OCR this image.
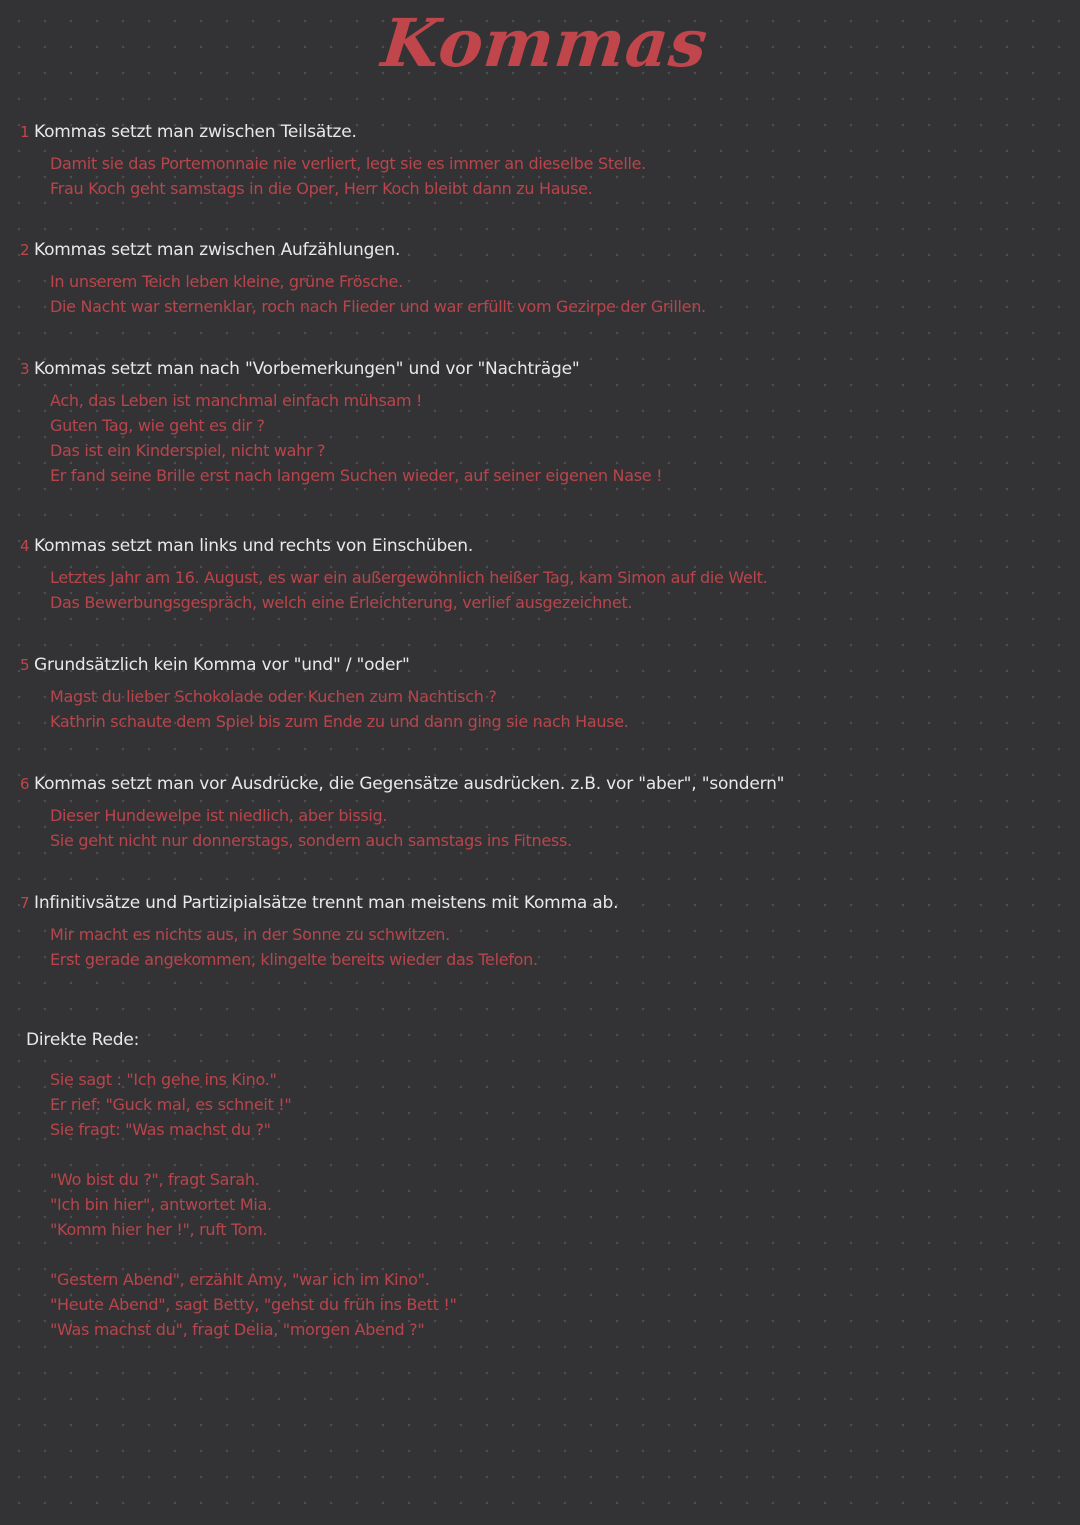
Kommas
1 Kommas setzt man zwischen Teilsätze.
Damit sie das Portemonnaie nie verliert, legt sie es immer an dieselbe Stelle.
Frau Koch geht samstags in die Oper, Herr Koch bleibt dann zu Hause.
2 Kommas setzt man zwischen Aufzählungen.
In unserem Teich leben kleine, grüne Frösche.
Die Nacht war sternenklar, roch nach Flieder und war erfüllt vom Gezirpe der Grillen.
3 Kommas setzt man nach "Vorbemerkungen" und vor "Nachträge"
Ach, das Leben ist manchmal einfach mühsam !
Guten Tag, wie geht es dir ?
Das ist ein Kinderspiel, nicht wahr ?
Er fand seine Brille erst nach langem Suchen wieder, auf seiner eigenen Nase !
4 Kommas setzt man links und rechts von Einschüben.
Letztes Jahr am 16. August, es war ein außergewöhnlich heißer Tag, kam Simon auf die Welt.
Das Bewerbungsgespräch, welch eine Erleichterung, verlief ausgezeichnet.
5 Grundsätzlich kein Komma vor "und" / "oder"
Magst du lieber Schokolade oder Kuchen zum Nachtisch ?
Kathrin schaute dem Spiel bis zum Ende zu und dann ging sie nach Hause.
6 Kommas setzt man vor Ausdrücke, die Gegensätze ausdrücken. z.B. vor "aber", "sondern"
Dieser Hundewelpe ist niedlich, aber bissig.
Sie geht nicht nur donnerstags, sondern auch samstags ins Fitness.
7 Infinitivsätze und Partizipialsätze trennt man meistens mit Komma ab.
Mir macht es nichts aus, in der Sonne zu schwitzen.
Erst gerade angekommen, klingelte bereits wieder das Telefon.
Direkte Rede:
Sie sagt : "Ich gehe ins Kino."
Er rief: "Guck mal, es schneit !"
Sie fragt: "Was machst du ?"
"Wo bist du ?", fragt Sarah.
"Ich bin hier", antwortet Mia.
"Komm hier her !", ruft Tom.
"Gestern Abend", erzählt Amy, "war ich im Kino".
"Heute Abend", sagt Betty, "gehst du früh ins Bett !"
"Was machst du", fragt Delia, "morgen Abend ?"
